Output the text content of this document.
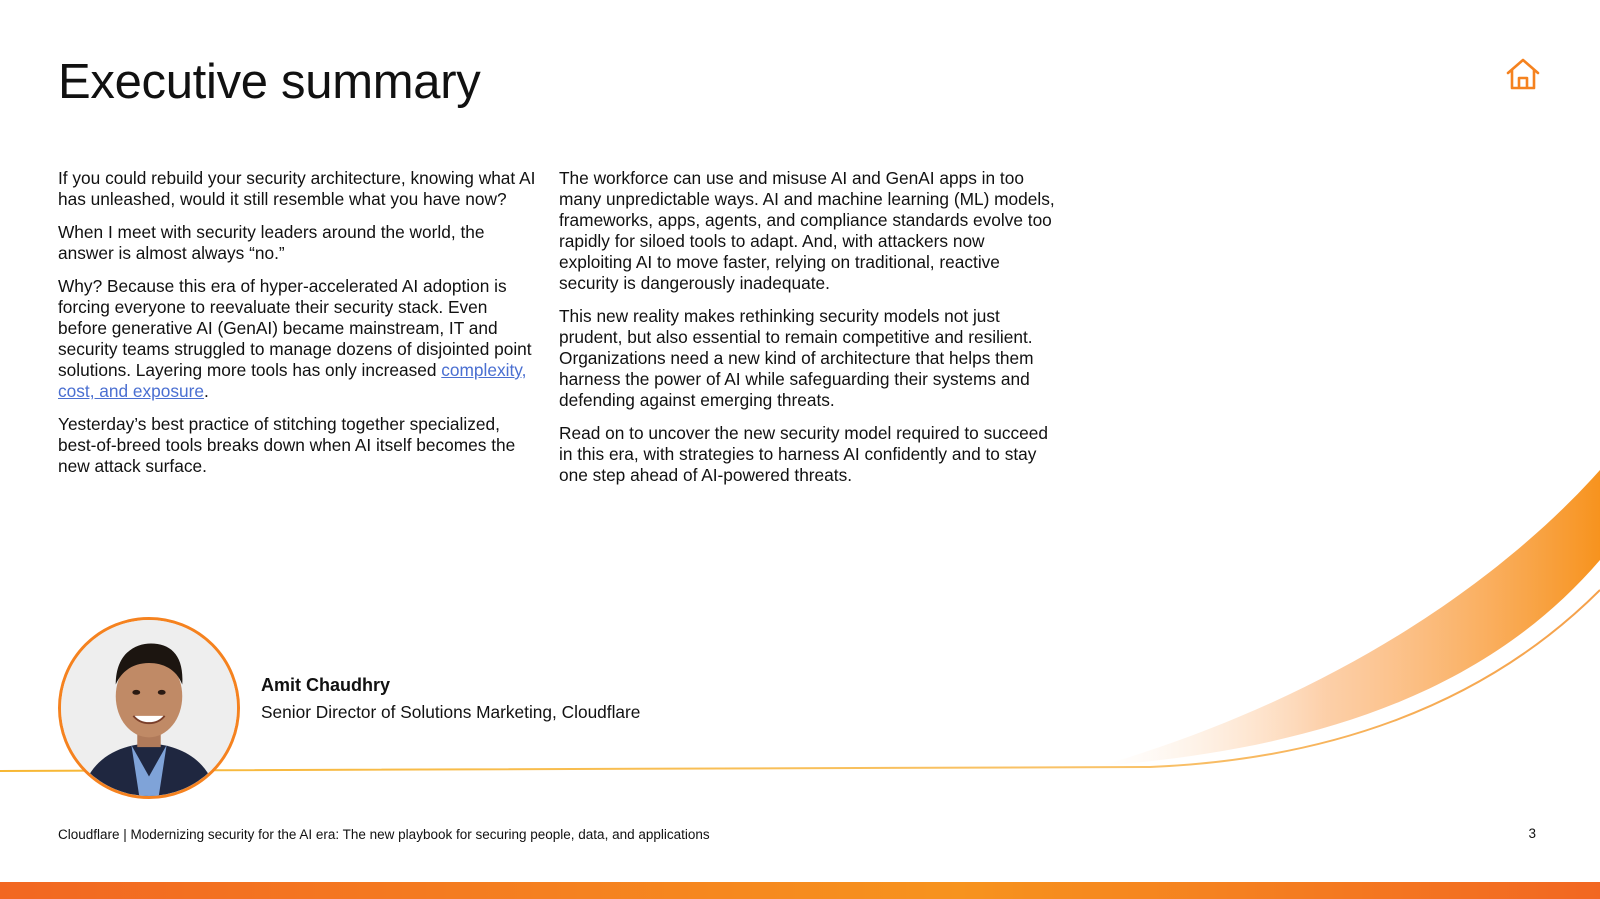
Executive summary

If you could rebuild your security architecture, knowing what AI has unleashed, would it still resemble what you have now?

When I meet with security leaders around the world, the answer is almost always “no.”

Why? Because this era of hyper-accelerated AI adoption is forcing everyone to reevaluate their security stack. Even before generative AI (GenAI) became mainstream, IT and security teams struggled to manage dozens of disjointed point solutions. Layering more tools has only increased complexity, cost, and exposure.

Yesterday’s best practice of stitching together specialized, best-of-breed tools breaks down when AI itself becomes the new attack surface.

The workforce can use and misuse AI and GenAI apps in too many unpredictable ways. AI and machine learning (ML) models, frameworks, apps, agents, and compliance standards evolve too rapidly for siloed tools to adapt. And, with attackers now exploiting AI to move faster, relying on traditional, reactive security is dangerously inadequate.

This new reality makes rethinking security models not just prudent, but also essential to remain competitive and resilient. Organizations need a new kind of architecture that helps them harness the power of AI while safeguarding their systems and defending against emerging threats.

Read on to uncover the new security model required to succeed in this era, with strategies to harness AI confidently and to stay one step ahead of AI-powered threats.

Amit Chaudhry
Senior Director of Solutions Marketing, Cloudflare
Cloudflare | Modernizing security for the AI era: The new playbook for securing people, data, and applications	3
